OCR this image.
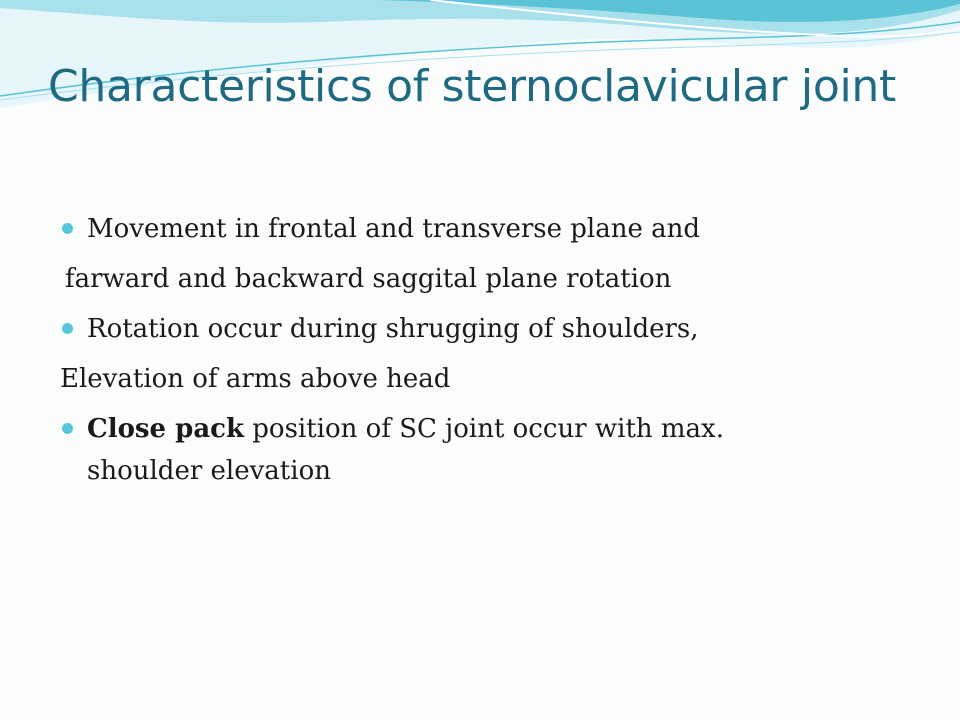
Characteristics of sternoclavicular joint
Movement in frontal and transverse plane and
farward and backward saggital plane rotation
Rotation occur during shrugging of shoulders,
Elevation of arms above head
Close pack position of SC joint occur with max. shoulder elevation
